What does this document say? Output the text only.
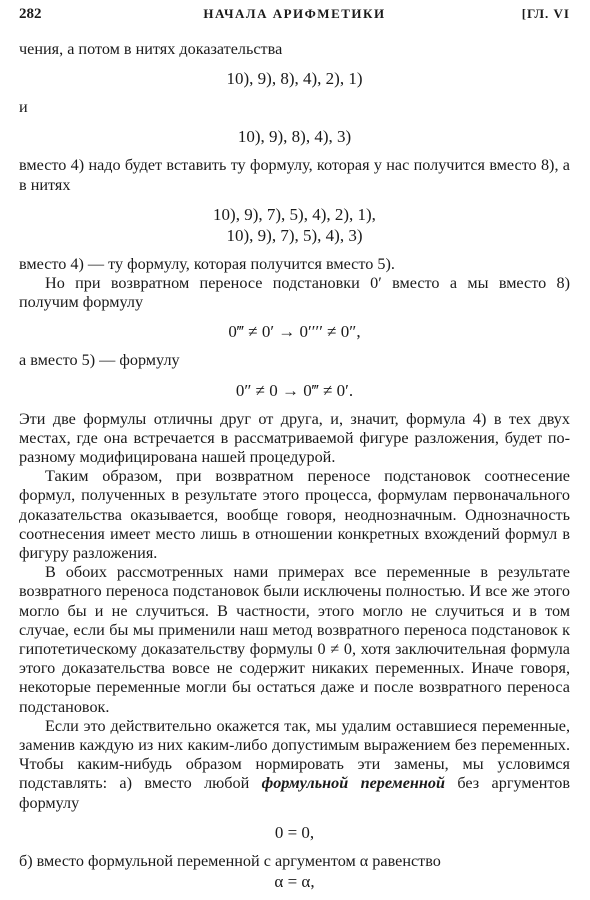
282	НАЧАЛА АРИФМЕТИКИ	[ГЛ. VI

чения, а потом в нитях доказательства

10), 9), 8), 4), 2), 1)

и

10), 9), 8), 4), 3)

вместо 4) надо будет вставить ту формулу, которая у нас получится вместо 8), а в нитях

10), 9), 7), 5), 4), 2), 1),

10), 9), 7), 5), 4), 3)

вместо 4) — ту формулу, которая получится вместо 5).

Но при возвратном переносе подстановки 0′ вместо a мы вместо 8) получим формулу

0‴ ≠ 0′ → 0′′′′ ≠ 0″,

а вместо 5) — формулу

0″ ≠ 0 → 0‴ ≠ 0′.

Эти две формулы отличны друг от друга, и, значит, формула 4) в тех двух местах, где она встречается в рассматриваемой фигуре разложения, будет по-разному модифицирована нашей процедурой.

Таким образом, при возвратном переносе подстановок соотнесение формул, полученных в результате этого процесса, формулам первоначального доказательства оказывается, вообще говоря, неоднозначным. Однозначность соотнесения имеет место лишь в отношении конкретных вхождений формул в фигуру разложения.

В обоих рассмотренных нами примерах все переменные в результате возвратного переноса подстановок были исключены полностью. И все же этого могло бы и не случиться. В частности, этого могло не случиться и в том случае, если бы мы применили наш метод возвратного переноса подстановок к гипотетическому доказательству формулы 0 ≠ 0, хотя заключительная формула этого доказательства вовсе не содержит никаких переменных. Иначе говоря, некоторые переменные могли бы остаться даже и после возвратного переноса подстановок.

Если это действительно окажется так, мы удалим оставшиеся переменные, заменив каждую из них каким-либо допустимым выражением без переменных. Чтобы каким-нибудь образом нормировать эти замены, мы условимся подставлять: а) вместо любой формульной переменной без аргументов формулу

0 = 0,

б) вместо формульной переменной с аргументом α равенство

α = α,
